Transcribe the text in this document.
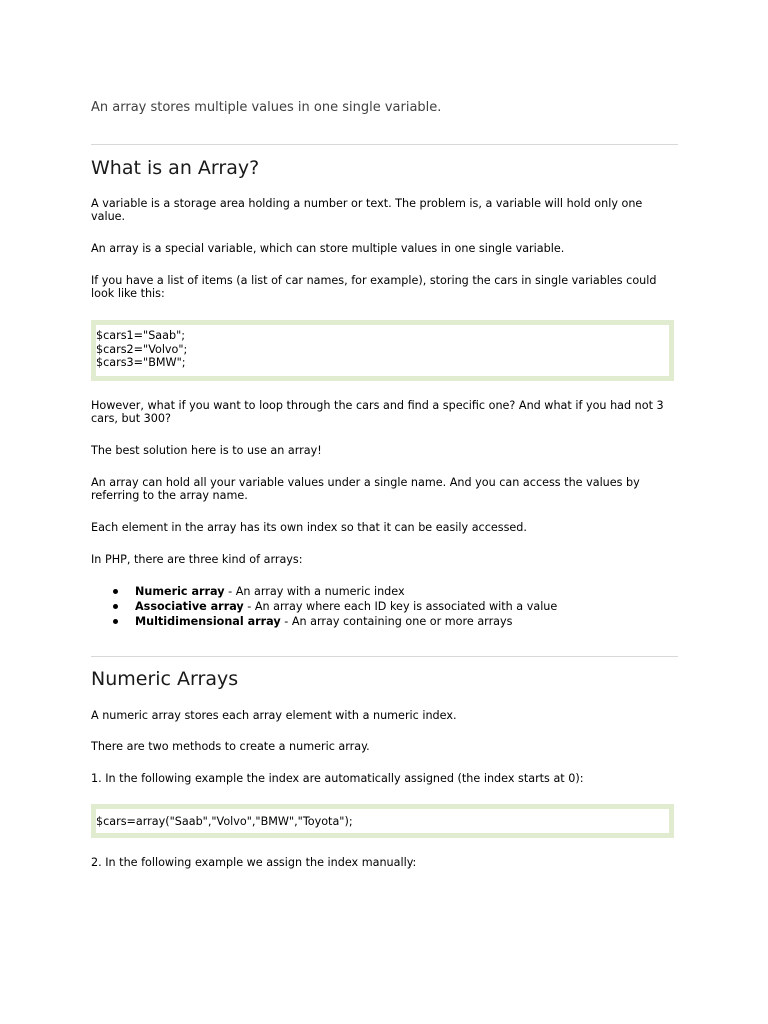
An array stores multiple values in one single variable.

What is an Array?

A variable is a storage area holding a number or text. The problem is, a variable will hold only one value.

An array is a special variable, which can store multiple values in one single variable.

If you have a list of items (a list of car names, for example), storing the cars in single variables could look like this:

$cars1="Saab";
$cars2="Volvo";
$cars3="BMW";

However, what if you want to loop through the cars and find a specific one? And what if you had not 3 cars, but 300?

The best solution here is to use an array!

An array can hold all your variable values under a single name. And you can access the values by referring to the array name.

Each element in the array has its own index so that it can be easily accessed.

In PHP, there are three kind of arrays:

Numeric array - An array with a numeric index
Associative array - An array where each ID key is associated with a value
Multidimensional array - An array containing one or more arrays
Numeric Arrays

A numeric array stores each array element with a numeric index.

There are two methods to create a numeric array.

1. In the following example the index are automatically assigned (the index starts at 0):

$cars=array("Saab","Volvo","BMW","Toyota");

2. In the following example we assign the index manually:
